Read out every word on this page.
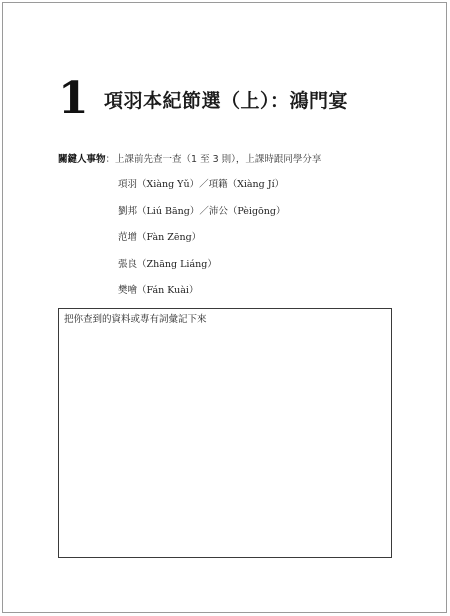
1 項羽本紀節選（上）：鴻門宴
關鍵人事物：上課前先查一查（1 至 3 則），上課時跟同學分享
項羽（Xiàng Yǔ）／項籍（Xiàng Jí）
劉邦（Liú Bāng）／沛公（Pèigōng）
范增（Fàn Zēng）
張良（Zhāng Liáng）
樊噲（Fán Kuài）
把你查到的資料或專有詞彙記下來
